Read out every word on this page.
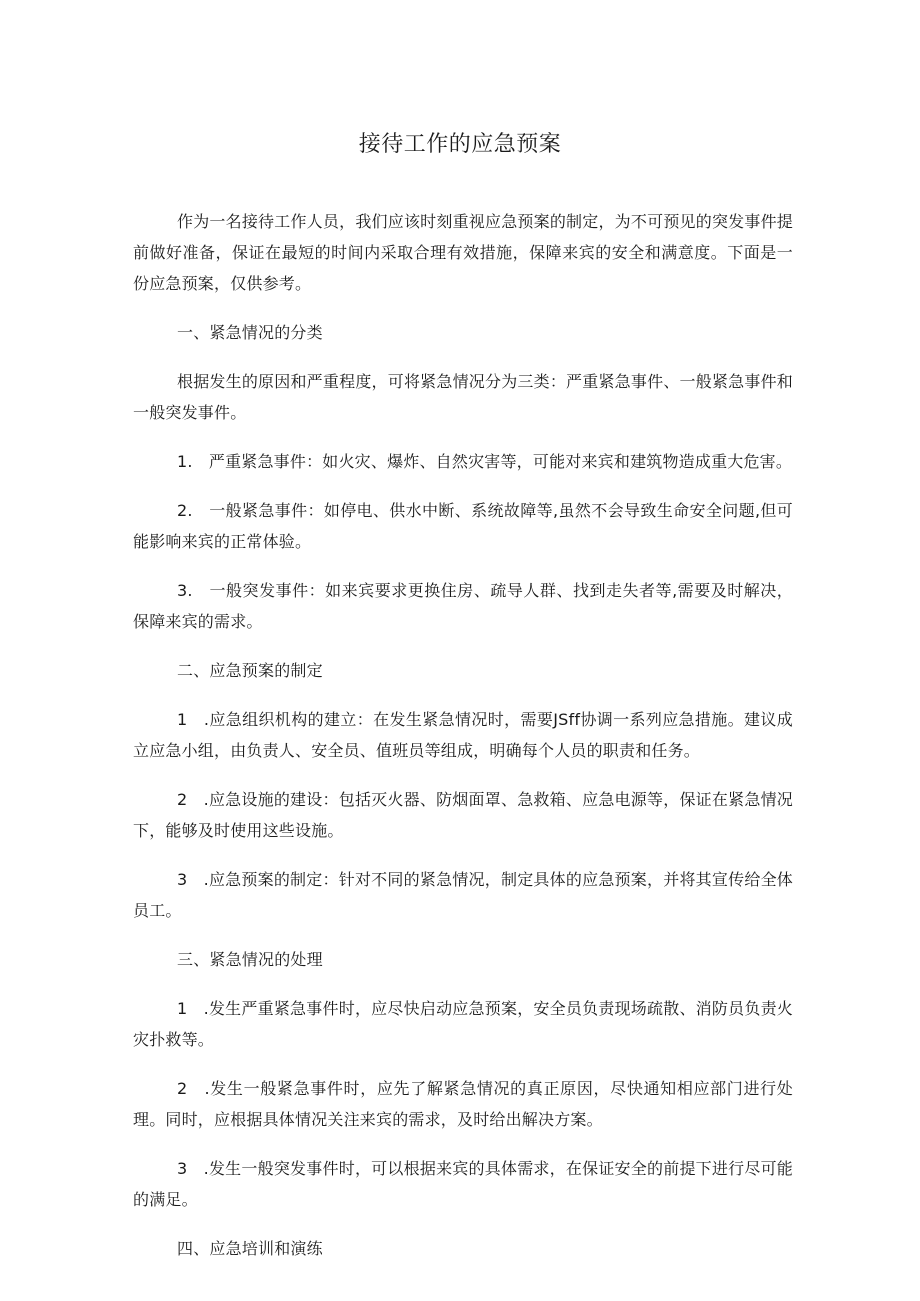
接待工作的应急预案

作为一名接待工作人员，我们应该时刻重视应急预案的制定，为不可预见的突发事件提前做好准备，保证在最短的时间内采取合理有效措施，保障来宾的安全和满意度。下面是一份应急预案，仅供参考。

一、紧急情况的分类

根据发生的原因和严重程度，可将紧急情况分为三类：严重紧急事件、一般紧急事件和一般突发事件。

1.　严重紧急事件：如火灾、爆炸、自然灾害等，可能对来宾和建筑物造成重大危害。

2.　一般紧急事件：如停电、供水中断、系统故障等,虽然不会导致生命安全问题,但可能影响来宾的正常体验。

3.　一般突发事件：如来宾要求更换住房、疏导人群、找到走失者等,需要及时解决，保障来宾的需求。

二、应急预案的制定

1　.应急组织机构的建立：在发生紧急情况时，需要JSff协调一系列应急措施。建议成立应急小组，由负责人、安全员、值班员等组成，明确每个人员的职责和任务。

2　.应急设施的建设：包括灭火器、防烟面罩、急救箱、应急电源等，保证在紧急情况下，能够及时使用这些设施。

3　.应急预案的制定：针对不同的紧急情况，制定具体的应急预案，并将其宣传给全体员工。

三、紧急情况的处理

1　.发生严重紧急事件时，应尽快启动应急预案，安全员负责现场疏散、消防员负责火灾扑救等。

2　.发生一般紧急事件时，应先了解紧急情况的真正原因，尽快通知相应部门进行处理。同时，应根据具体情况关注来宾的需求，及时给出解决方案。

3　.发生一般突发事件时，可以根据来宾的具体需求，在保证安全的前提下进行尽可能的满足。

四、应急培训和演练
